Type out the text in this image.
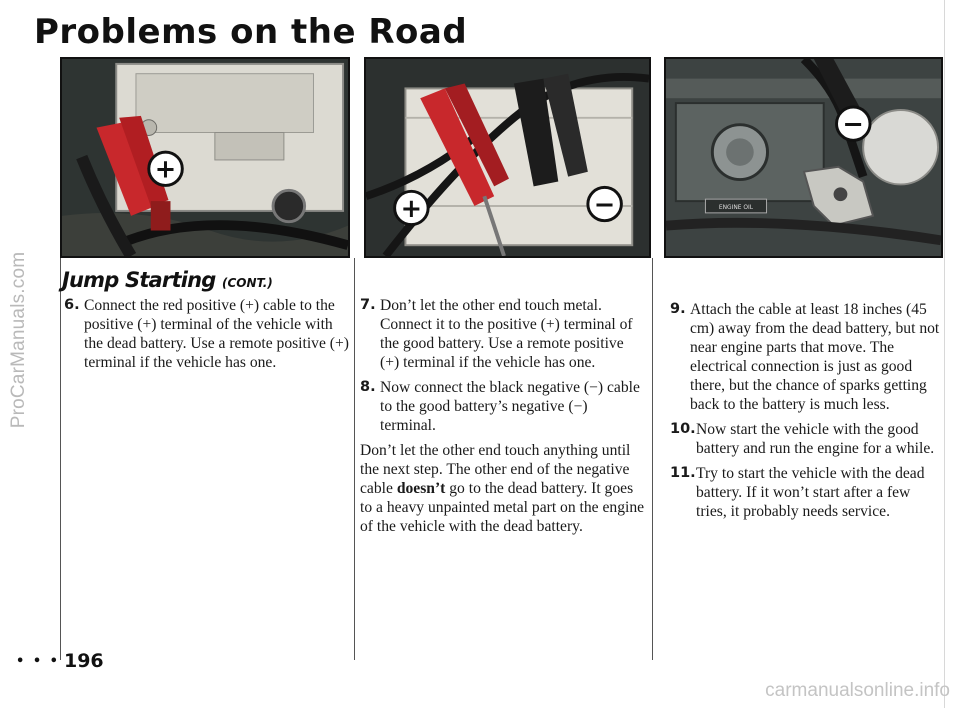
ProCarManuals.com
Problems on the Road
+
+	−	ENGINE OIL
−
Jump Starting (CONT.)
6. Connect the red positive (+) cable to the positive (+) terminal of the vehicle with the dead battery. Use a remote positive (+) terminal if the vehicle has one.
7. Don’t let the other end touch metal. Connect it to the positive (+) terminal of the good battery. Use a remote positive (+) terminal if the vehicle has one.
8. Now connect the black negative (−) cable to the good battery’s negative (−) terminal.

Don’t let the other end touch anything until the next step. The other end of the negative cable doesn’t go to the dead battery. It goes to a heavy unpainted metal part on the engine of the vehicle with the dead battery.

9. Attach the cable at least 18 inches (45 cm) away from the dead battery, but not near engine parts that move. The electrical connection is just as good there, but the chance of sparks getting back to the battery is much less.
10. Now start the vehicle with the good battery and run the engine for a while.
11. Try to start the vehicle with the dead battery. If it won’t start after a few tries, it probably needs service.
• • • 196
carmanualsonline.info
